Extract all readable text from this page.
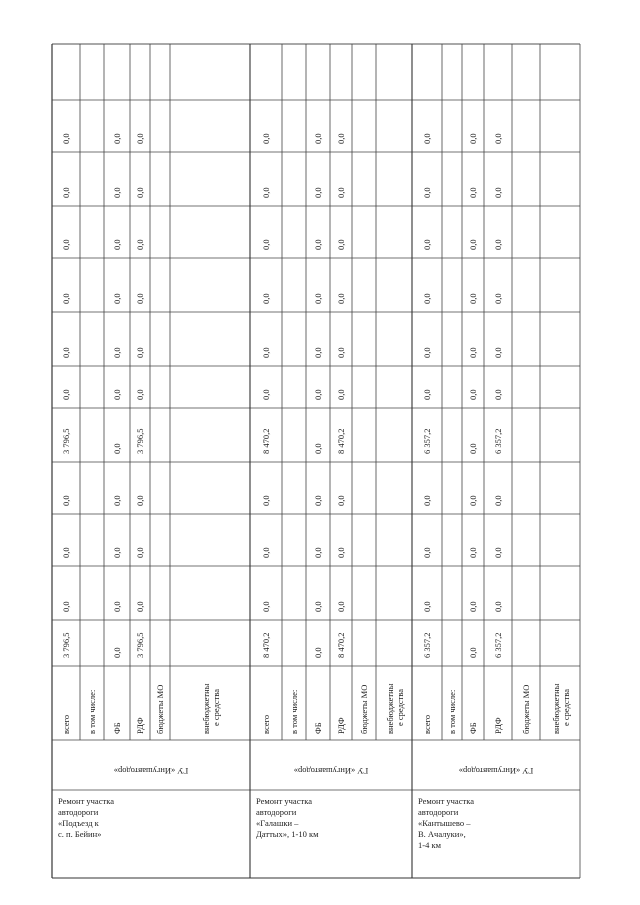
всего
3 796,5
0,0
0,0
0,0
3 796,5
0,0
0,0
0,0
0,0
0,0
0,0
в том числе: ФБ
0,0
0,0
0,0
0,0
0,0
0,0
0,0
0,0
0,0
0,0
0,0
РДФ
3 796,5
0,0
0,0
0,0
3 796,5
0,0
0,0
0,0
0,0
0,0
0,0
бюджеты МО	внебюджетны е средства
ГУ «Ингушавтодор»
Ремонт участка
автодороги
«Подъезд к
с. п. Бейин»
всего
8 470,2
0,0
0,0
0,0
8 470,2
0,0
0,0
0,0
0,0
0,0
0,0
в том числе: ФБ
0,0
0,0
0,0
0,0
0,0
0,0
0,0
0,0
0,0
0,0
0,0
РДФ
8 470,2
0,0
0,0
0,0
8 470,2
0,0
0,0
0,0
0,0
0,0
0,0
бюджеты МО внебюджетны е средства
ГУ «Ингушавтодор»
Ремонт участка
автодороги
«Галашки –
Даттых», 1-10 км
всего
6 357,2
0,0
0,0
0,0
6 357,2
0,0
0,0
0,0
0,0
0,0
0,0
в том числе: ФБ
0,0
0,0
0,0
0,0
0,0
0,0
0,0
0,0
0,0
0,0
0,0
РДФ
6 357,2
0,0
0,0
0,0
6 357,2
0,0
0,0
0,0
0,0
0,0
0,0
бюджеты МО внебюджетны е средства
ГУ «Ингушавтодор»
Ремонт участка
автодороги
«Кантышево –
В. Ачалуки»,
1-4 км
